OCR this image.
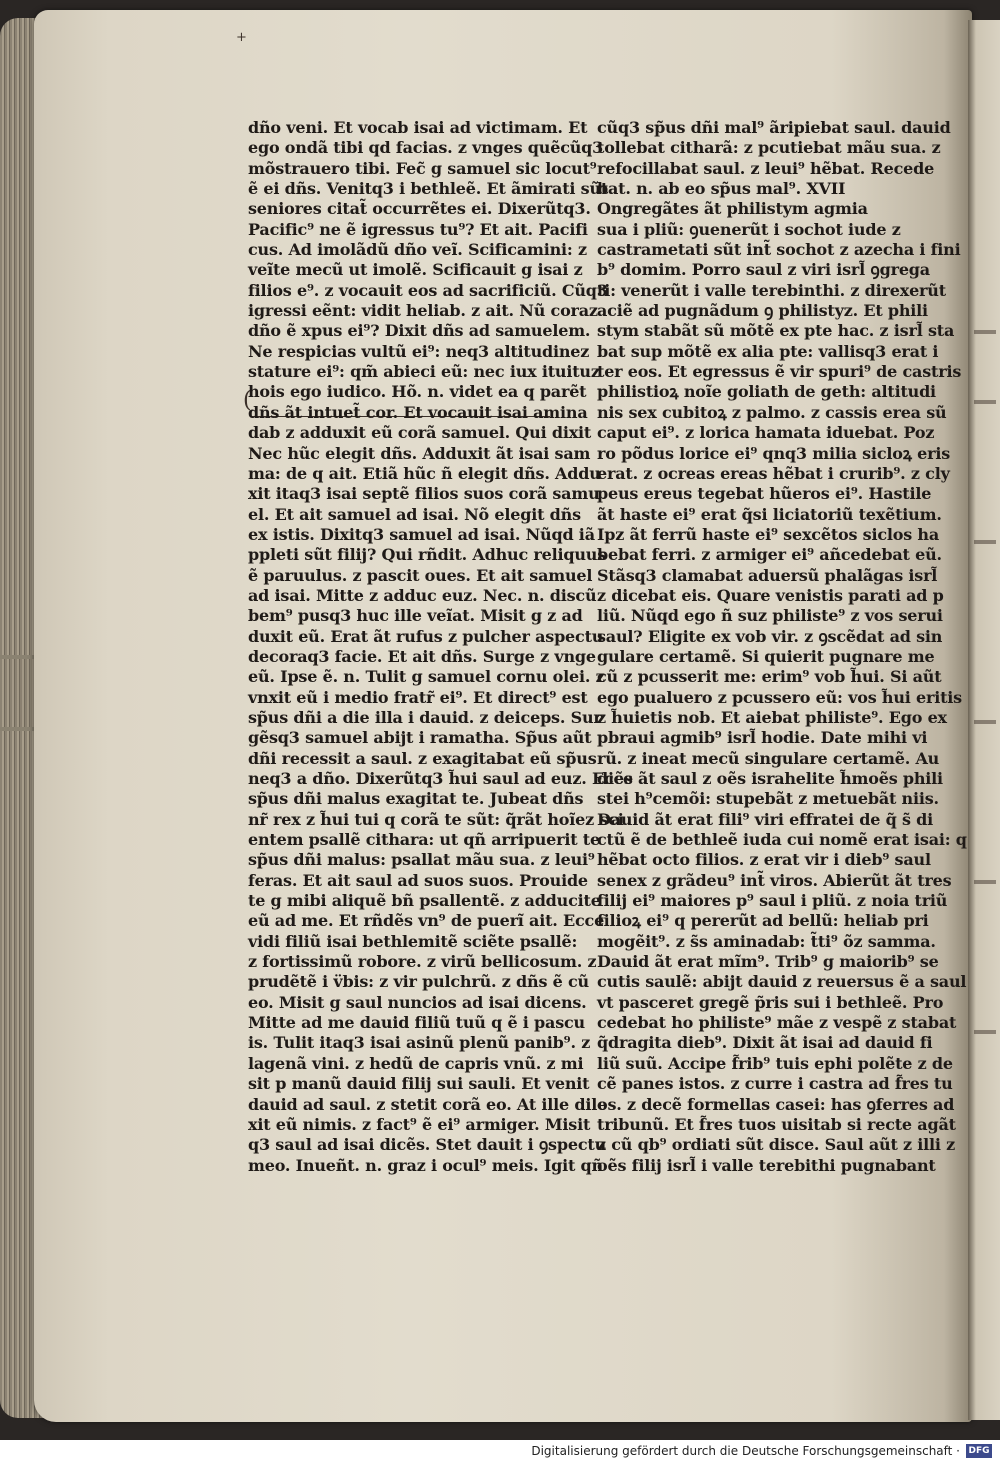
+
(
dño veni. Et vocab isai ad victimam. Et
ego ondã tibi qd facias. z vnges quẽcũq3
mõstrauero tibi. Fec̃ g samuel sic locut⁹
ẽ ei dñs. Venitq3 i bethleẽ. Et ãmirati sũt
seniores citat̃ occurrẽtes ei. Dixerũtq3.
Pacific⁹ ne ẽ igressus tu⁹? Et ait. Pacifi
cus. Ad imolãdũ dño veĩ. Scificamini: z
veĩte mecũ ut imolẽ. Scificauit g isai z
filios e⁹. z vocauit eos ad sacrificiũ. Cũq3
igressi eẽnt: vidit heliab. z ait. Nũ coraz
dño ẽ xpus ei⁹? Dixit dñs ad samuelem.
Ne respicias vultũ ei⁹: neq3 altitudinez
stature ei⁹: qm̃ abieci eũ: nec iux ituituz
hois ego iudico. Hõ. n. videt ea q parẽt
dñs ãt intuet̃ cor. Et vocauit isai amina
dab z adduxit eũ corã samuel. Qui dixit
Nec hũc elegit dñs. Adduxit ãt isai sam
ma: de q ait. Etiã hũc ñ elegit dñs. Addu
xit itaq3 isai septẽ filios suos corã samu
el. Et ait samuel ad isai. Nõ elegit dñs
ex istis. Dixitq3 samuel ad isai. Nũqd iã
ppleti sũt filij? Qui rñdit. Adhuc reliquus
ẽ paruulus. z pascit oues. Et ait samuel
ad isai. Mitte z adduc euz. Nec. n. discũ
bem⁹ pusq3 huc ille veĩat. Misit g z ad
duxit eũ. Erat ãt rufus z pulcher aspectu
decoraq3 facie. Et ait dñs. Surge z vnge
eũ. Ipse ẽ. n. Tulit g samuel cornu olei. z
vnxit eũ i medio fratr̃ ei⁹. Et direct⁹ est
sp̃us dñi a die illa i dauid. z deiceps. Sur
gẽsq3 samuel abijt i ramatha. Sp̃us aũt
dñi recessit a saul. z exagitabat eũ sp̃us
neq3 a dño. Dixerũtq3 h̃ui saul ad euz. Ecce
sp̃us dñi malus exagitat te. Jubeat dñs
nr̃ rex z h̃ui tui q corã te sũt: q̃rãt hoĩez sci
entem psallẽ cithara: ut qñ arripuerit te
sp̃us dñi malus: psallat mãu sua. z leui⁹
feras. Et ait saul ad suos suos. Prouide
te g mibi aliquẽ bñ psallentẽ. z adducite
eũ ad me. Et rñdẽs vn⁹ de puerĩ ait. Ecce
vidi filiũ isai bethlemitẽ sciẽte psallẽ:
z fortissimũ robore. z virũ bellicosum. z
prudẽtẽ i v̈bis: z vir pulchrũ. z dñs ẽ cũ
eo. Misit g saul nuncios ad isai dicens.
Mitte ad me dauid filiũ tuũ q ẽ i pascu
is. Tulit itaq3 isai asinũ plenũ panib⁹. z
lagenã vini. z hedũ de capris vnũ. z mi
sit p manũ dauid filij sui sauli. Et venit
dauid ad saul. z stetit corã eo. At ille dile
xit eũ nimis. z fact⁹ ẽ ei⁹ armiger. Misit
q3 saul ad isai dicẽs. Stet dauit i ꝯspectu
meo. Inueñt. n. graz i ocul⁹ meis. Igit qñ
cũq3 sp̃us dñi mal⁹ ãripiebat saul. dauid
tollebat citharã: z pcutiebat mãu sua. z
refocillabat saul. z leui⁹ hẽbat. Recede
bat. n. ab eo sp̃us mal⁹. XVII
Ongregãtes ãt philistym agmia
sua i pliũ: ꝯuenerũt i sochot iude z
castrametati sũt int̃ sochot z azecha i fini
b⁹ domim. Porro saul z viri isrl̃ ꝯgrega
ti: venerũt i valle terebinthi. z direxerũt
aciẽ ad pugnãdum ꝯ philistyz. Et phili
stym stabãt sũ mõtẽ ex pte hac. z isrl̃ sta
bat sup mõtẽ ex alia pte: vallisq3 erat i
ter eos. Et egressus ẽ vir spuri⁹ de castris
philistioꝝ noĩe goliath de geth: altitudi
nis sex cubitoꝝ z palmo. z cassis erea sũ
caput ei⁹. z lorica hamata iduebat. Poz
ro põdus lorice ei⁹ qnq3 milia sicloꝝ eris
erat. z ocreas ereas hẽbat i crurib⁹. z cly
peus ereus tegebat hũeros ei⁹. Hastile
ãt haste ei⁹ erat q̃si liciatoriũ texẽtium.
Ipz ãt ferrũ haste ei⁹ sexcẽtos siclos ha
bebat ferri. z armiger ei⁹ añcedebat eũ.
Stãsq3 clamabat aduersũ phalãgas isrl̃
z dicebat eis. Quare venistis parati ad p
liũ. Nũqd ego ñ suz philiste⁹ z vos serui
saul? Eligite ex vob vir. z ꝯscẽdat ad sin
gulare certamẽ. Si quierit pugnare me
cũ z pcusserit me: erim⁹ vob h̃ui. Si aũt
ego pualuero z pcussero eũ: vos h̃ui eritis
z h̃uietis nob. Et aiebat philiste⁹. Ego ex
pbraui agmib⁹ isrl̃ hodie. Date mihi vi
rũ. z ineat mecũ singulare certamẽ. Au
diẽs ãt saul z oẽs israhelite h̃moẽs phili
stei h⁹cemõi: stupebãt z metuebãt niis.
Dauid ãt erat fili⁹ viri effratei de q̃ s̃ di
ctũ ẽ de bethleẽ iuda cui nomẽ erat isai: q
hẽbat octo filios. z erat vir i dieb⁹ saul
senex z grãdeu⁹ int̃ viros. Abierũt ãt tres
filij ei⁹ maiores p⁹ saul i pliũ. z noia triũ
filioꝝ ei⁹ q pererũt ad bellũ: heliab pri
mogẽit⁹. z s̃s aminadab: t̃ti⁹ õz samma.
Dauid ãt erat mĩm⁹. Trib⁹ g maiorib⁹ se
cutis saulẽ: abijt dauid z reuersus ẽ a saul
vt pasceret gregẽ p̃ris sui i bethleẽ. Pro
cedebat ho philiste⁹ mãe z vespẽ z stabat
q̃dragita dieb⁹. Dixit ãt isai ad dauid fi
liũ suũ. Accipe f̃rib⁹ tuis ephi polẽte z de
cẽ panes istos. z curre i castra ad f̃res tu
os. z decẽ formellas casei: has ꝯferres ad
tribunũ. Et f̃res tuos uisitab si recte agãt
z cũ qb⁹ ordiati sũt disce. Saul aũt z illi z
oẽs filij isrl̃ i valle terebithi pugnabant
Digitalisierung gefördert durch die Deutsche Forschungsgemeinschaft · DFG
